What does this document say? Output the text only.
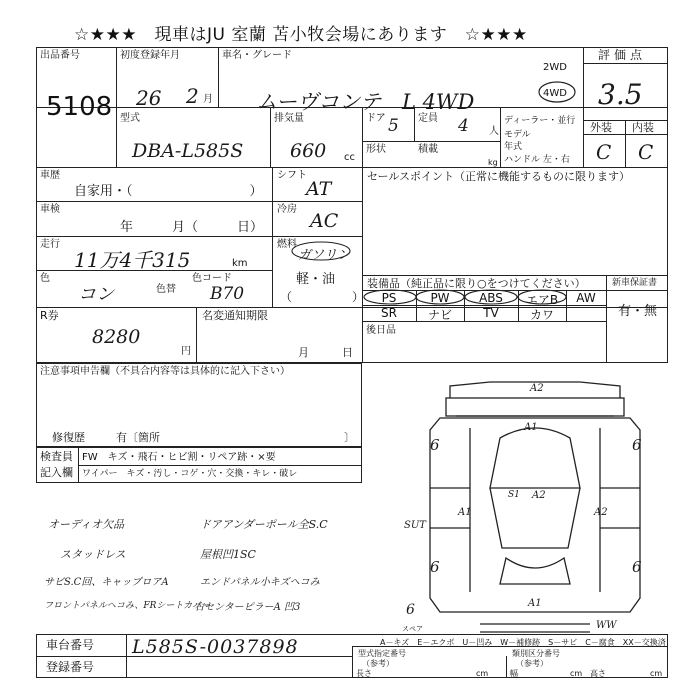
☆★★★　現車はJU 室蘭 苫小牧会場にあります　☆★★★
出品番号
5108
初度登録年月
26 2 月
車名・グレード
ムーヴコンテ　L 4WD
2WD
4WD
評価点
3.5
型式
DBA-L585S
排気量
660 cc
ドア 5 定員 4 人
形状	積載
kg
ディーラー・並行
モデル
年式
ハンドル 左・右
外装 内装
C C
車歴
自家用・（　　　　　　　　　）
シフト
AT
車検
年　　　月（　　　日）
冷房
AC
走行
11万4千315	km
燃料
ガソリン
軽・油
（　　　　　）
色
コン	色替
色コード
B70
セールスポイント（正常に機能するものに限ります）
装備品（純正品に限り○をつけてください）	新車保証書
有・無
PS	PW	ABS	エアB	AW
SR	ナビ	TV	カワ
後日品
R券
8280
円
名変通知期限
月　　　日
注意事項申告欄（不具合内容等は具体的に記入下さい）
修復歴	有〔箇所	〕
検査員
記入欄
FW　キズ・飛石・ヒビ割・リペア跡・×要
ワイパー　キズ・汚し・コゲ・穴・交換・キレ・破レ
オーディオ欠品	ドアアンダーポール全S.C
スタッドレス	屋根凹1SC
サビS.C回、キャップロアA	エンドパネル小キズヘコみ
フロントパネルヘコみ、FRシートカバー
右センターピラーA 凹3
A2
A1
S1 A2
A1	A2
SUT
A1
6	6
6	6
6
スペア	WW
A－キズ　E－エクボ　U－凹み　W－補修跡　S－サビ　C－腐食　XX－交換済
車台番号 L585S-0037898
登録番号
型式指定番号
（参考）
類別区分番号
（参考）
長さ	cm	幅	cm 高さ	cm
